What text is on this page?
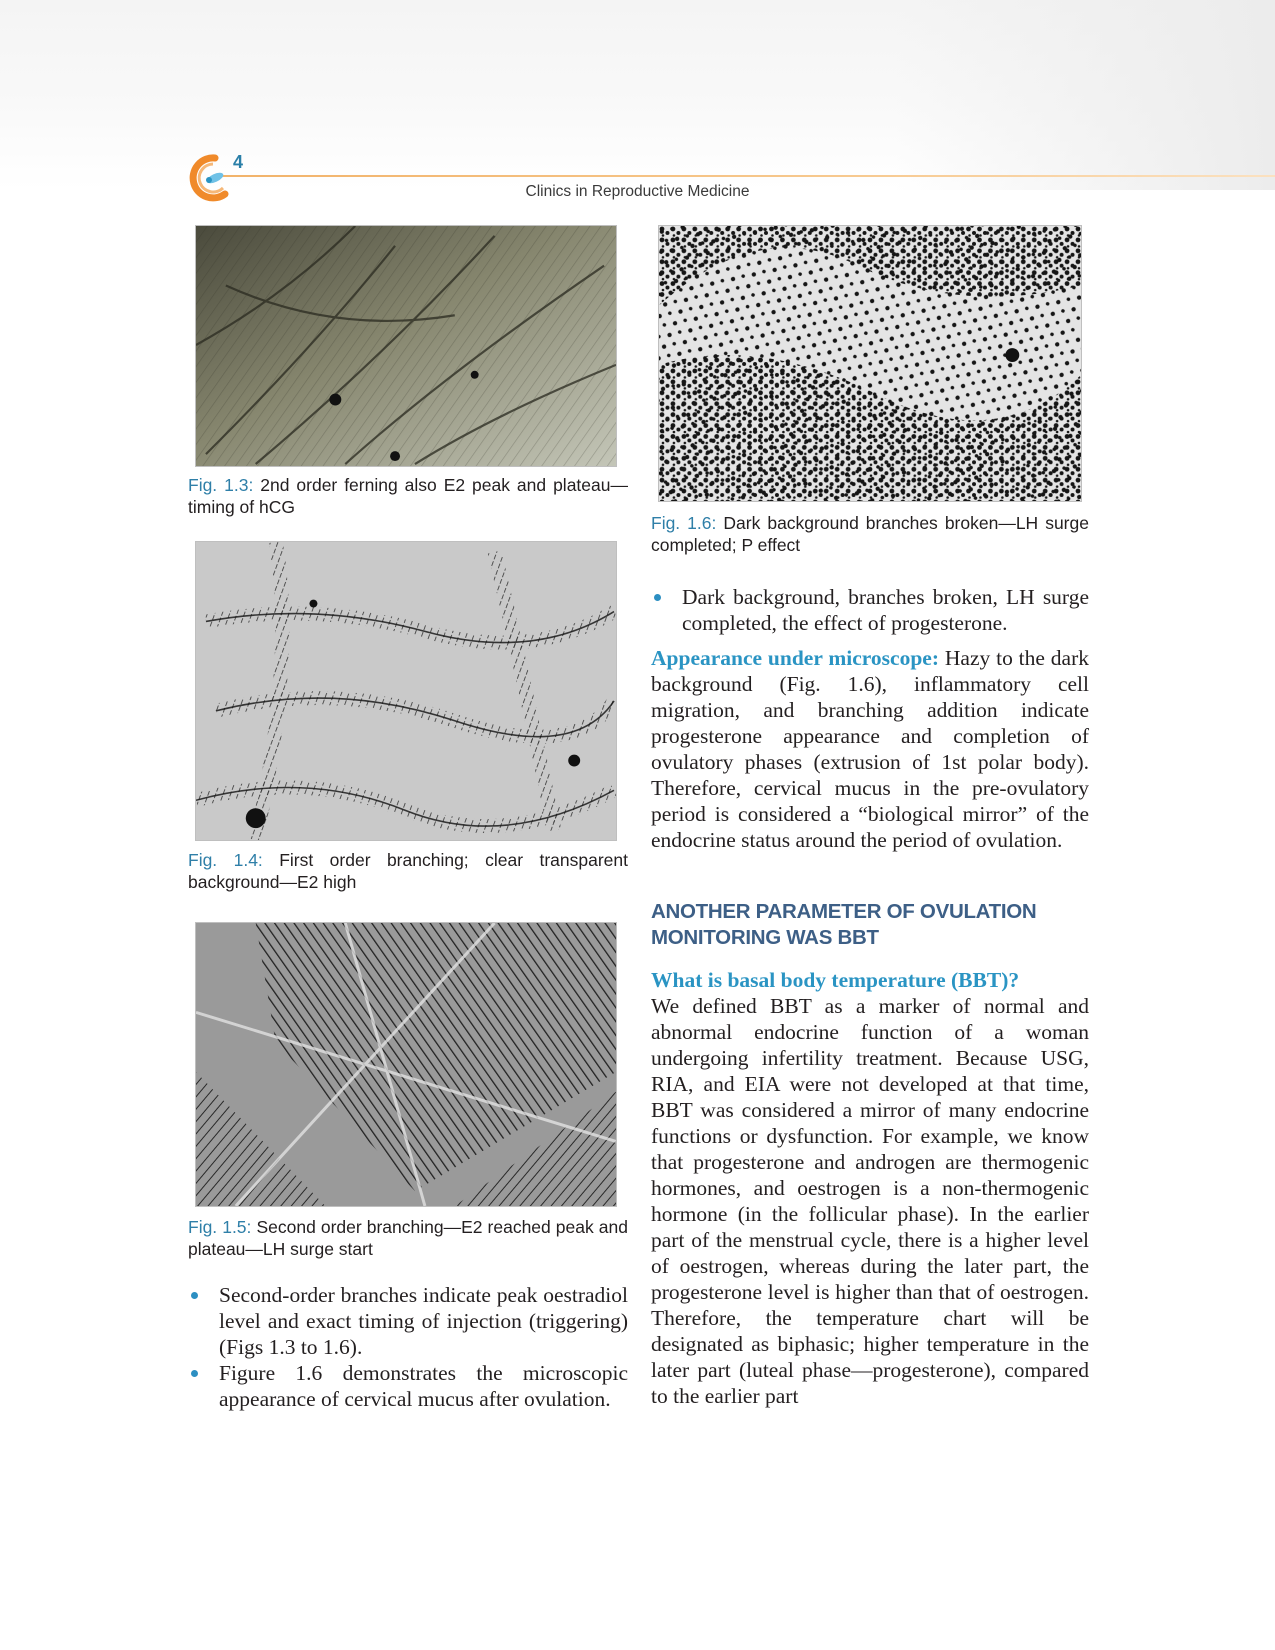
4
Clinics in Reproductive Medicine
Fig. 1.3: 2nd order ferning also E2 peak and plateau—timing of hCG
Fig. 1.4: First order branching; clear transparent background—E2 high
Fig. 1.5: Second order branching—E2 reached peak and plateau—LH surge start
Second-order branches indicate peak oestradiol level and exact timing of injection (triggering) (Figs 1.3 to 1.6).
Figure 1.6 demonstrates the microscopic appearance of cervical mucus after ovulation.
Fig. 1.6: Dark background branches broken—LH surge completed; P effect
Dark background, branches broken, LH surge completed, the effect of progesterone.

Appearance under microscope: Hazy to the dark background (Fig. 1.6), inflammatory cell migration, and branching addition indicate progesterone appearance and completion of ovulatory phases (extrusion of 1st polar body). Therefore, cervical mucus in the pre-ovulatory period is considered a “biological mirror” of the endocrine status around the period of ovulation.

ANOTHER PARAMETER OF OVULATION MONITORING WAS BBT
What is basal body temperature (BBT)?

We defined BBT as a marker of normal and abnormal endocrine function of a woman undergoing infertility treatment. Because USG, RIA, and EIA were not developed at that time, BBT was considered a mirror of many endocrine functions or dysfunction. For example, we know that progesterone and androgen are thermogenic hormones, and oestrogen is a non-thermogenic hormone (in the follicular phase). In the earlier part of the menstrual cycle, there is a higher level of oestrogen, whereas during the later part, the progesterone level is higher than that of oestrogen. Therefore, the temperature chart will be designated as biphasic; higher temperature in the later part (luteal phase—progesterone), compared to the earlier part
